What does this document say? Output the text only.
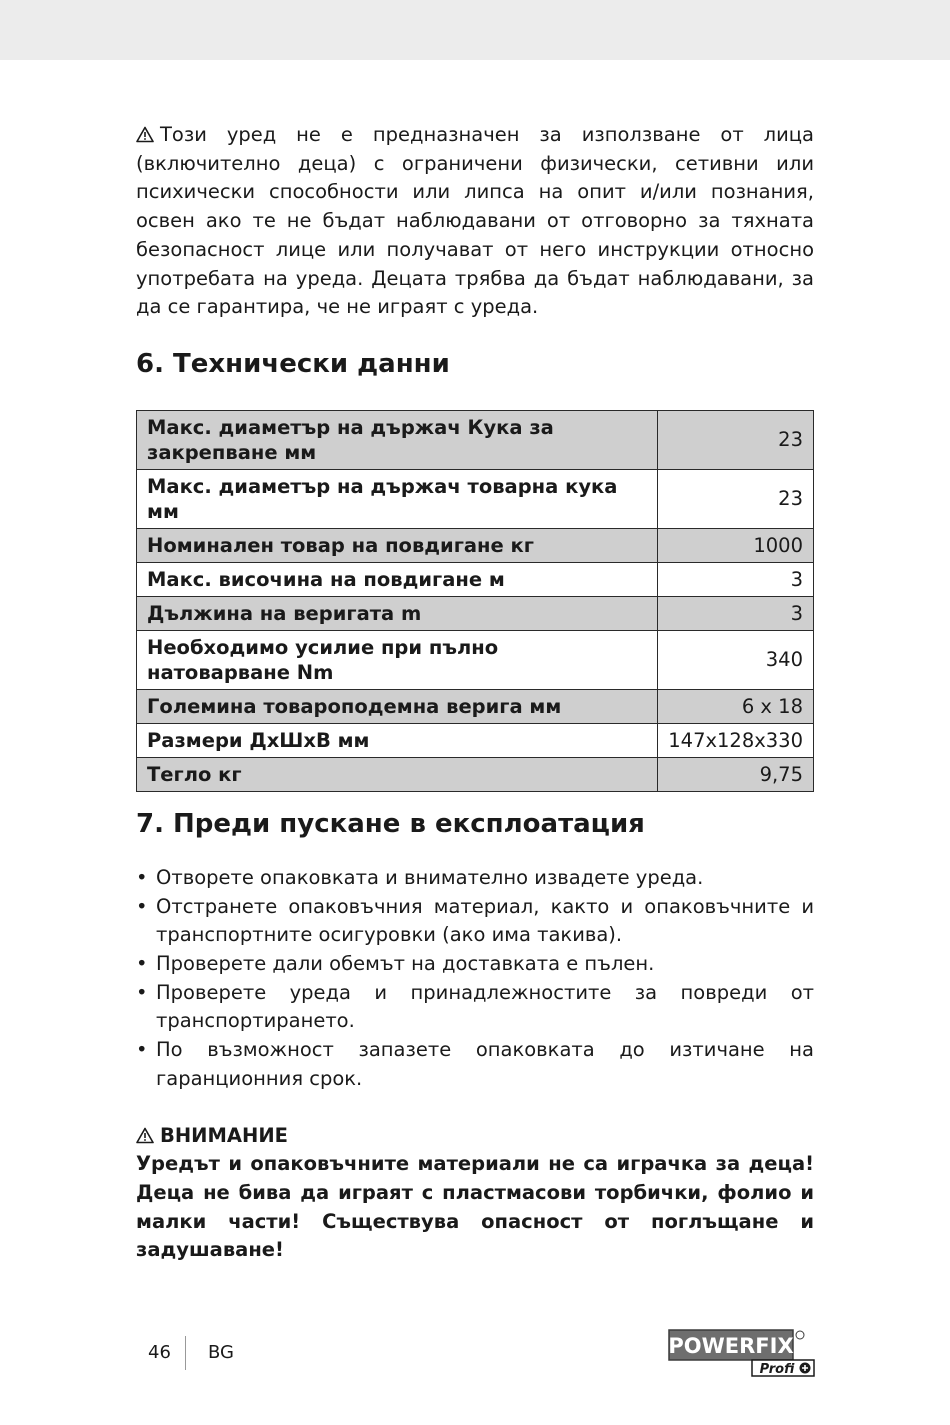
Този уред не е предназначен за използване от лица (включително деца) с ограничени физически, сетивни или психически способности или липса на опит и/или познания, освен ако те не бъдат наблюдавани от отговорно за тяхната безопасност лице или получават от него инструкции относно употребата на уреда. Децата трябва да бъдат наблюдавани, за да се гарантира, че не играят с уреда.

6. Технически данни
Макс. диаметър на държач Кука за закрепване мм	23
Макс. диаметър на държач товарна кука мм	23
Номинален товар на повдигане кг	1000
Макс. височина на повдигане м	3
Дължина на веригата m	3
Необходимо усилие при пълно натоварване Nm	340
Големина товароподемна верига мм	6 x 18
Размери ДxШxВ мм	147x128x330
Тегло кг	9,75
7. Преди пускане в експлоатация
• Отворете опаковката и внимателно извадете уреда.
• Отстранете опаковъчния материал, както и опаковъчните и транспортните осигуровки (ако има такива).
• Проверете дали обемът на доставката е пълен.
• Проверете уреда и принадлежностите за повреди от транспортирането.
• По възможност запазете опаковката до изтичане на гаранционния срок.
ВНИМАНИЕ

Уредът и опаковъчните материали не са играчка за деца! Деца не бива да играят с пластмасови торбички, фолио и малки части! Съществува опасност от поглъщане и задушаване!

46 BG	POWERFIX
Profi
